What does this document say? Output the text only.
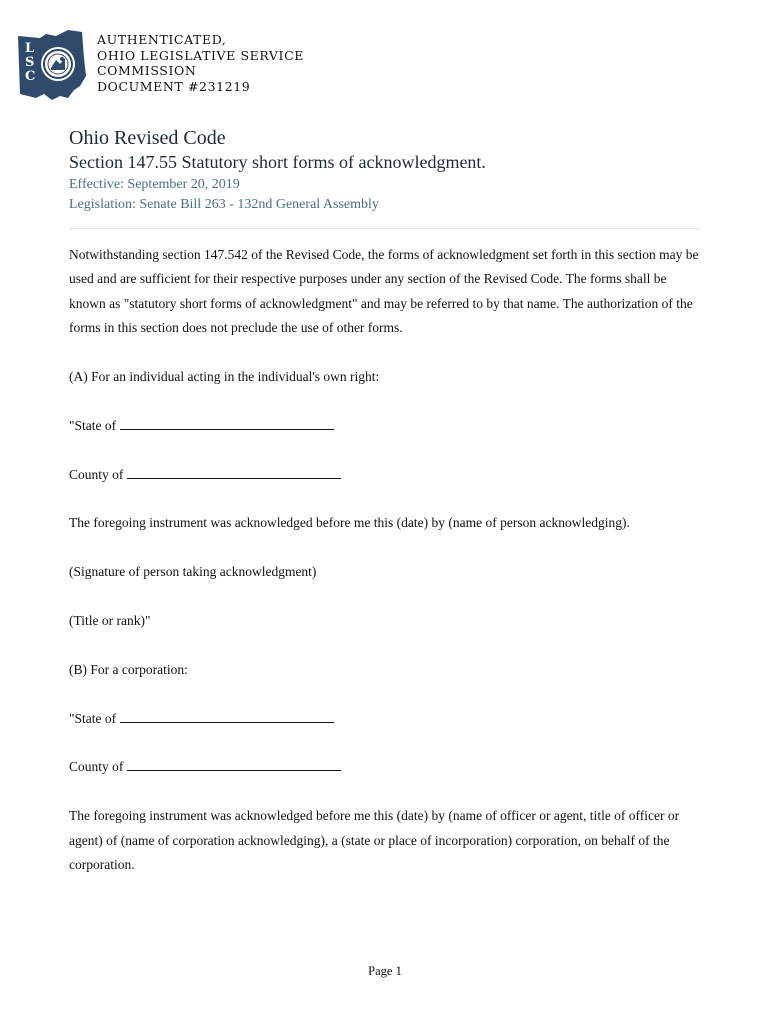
L
S
C
AUTHENTICATED,
OHIO LEGISLATIVE SERVICE
COMMISSION
DOCUMENT #231219
Ohio Revised Code
Section 147.55 Statutory short forms of acknowledgment.
Effective: September 20, 2019
Legislation: Senate Bill 263 - 132nd General Assembly

Notwithstanding section 147.542 of the Revised Code, the forms of acknowledgment set forth in this section may be used and are sufficient for their respective purposes under any section of the Revised Code. The forms shall be known as "statutory short forms of acknowledgment" and may be referred to by that name. The authorization of the forms in this section does not preclude the use of other forms.

(A) For an individual acting in the individual's own right:

"State of

County of

The foregoing instrument was acknowledged before me this (date) by (name of person acknowledging).

(Signature of person taking acknowledgment)

(Title or rank)"

(B) For a corporation:

"State of

County of

The foregoing instrument was acknowledged before me this (date) by (name of officer or agent, title of officer or agent) of (name of corporation acknowledging), a (state or place of incorporation) corporation, on behalf of the corporation.

Page 1
